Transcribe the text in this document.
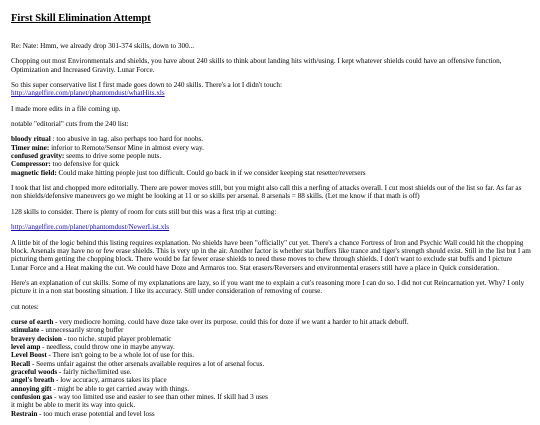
First Skill Elimination Attempt

Re: Nate: Hmm, we already drop 301-374 skills, down to 300...

Chopping out most Environmentals and shields, you have about 240 skills to think about landing hits with/using. I kept whatever shields could have an offensive function, Optimization and Increased Gravity. Lunar Force.

So this super conservative list I first made goes down to 240 skills. There's a lot I didn't touch:
http://angelfire.com/planet/phantomdust/whatHits.xls

I made more edits in a file coming up.

notable "editorial" cuts from the 240 list:

bloody ritual : too abusive in tag. also perhaps too hard for noobs.
Timer mine: inferior to Remote/Sensor Mine in almost every way.
confused gravity: seems to drive some people nuts.
Compressor: too defensive for quick
magnetic field: Could make hitting people just too difficult. Could go back in if we consider keeping stat resetter/reversers

I took that list and chopped more editorially. There are power moves still, but you might also call this a nerfing of attacks overall. I cut most shields out of the list so far. As far as non shields/defensive maneuvers go we might be looking at 11 or so skills per arsenal. 8 arsenals = 88 skills. (Let me know if that math is off)

128 skills to consider. There is plenty of room for cuts still but this was a first trip at cutting:

http://angelfire.com/planet/phantomdust/NewerList.xls

A little bit of the logic behind this listing requires explanation. No shields have been "officially" cut yet. There's a chance Fortress of Iron and Psychic Wall could hit the chopping block. Arsenals may have no or few erase shields. This is very up in the air. Another factor is whether stat buffers like trance and tiger's strength should exist. Still in the list but I am picturing them getting the chopping block. There would be far fewer erase shields to need these moves to chew through shields. I don't want to exclude stat buffs and I picture Lunar Force and a Heat making the cut. We could have Doze and Armaros too. Stat erasers/Reversers and environmental erasers still have a place in Quick consideration.

Here's an explanation of cut skills. Some of my explanations are lazy, so if you want me to explain a cut's reasoning more I can do so. I did not cut Reincarnation yet. Why? I only picture it in a non stat boosting situation. I like its accuracy. Still under consideration of removing of course.

cut notes:

curse of earth - very mediocre homing. could have doze take over its purpose. could this for doze if we want a harder to hit attack debuff.
stimulate - unnecessarily strong buffer
bravery decision - too niche. stupid player problematic
level amp - needless, could throw one in maybe anyway.
Level Boost - There isn't going to be a whole lot of use for this.
Recall - Seems unfair against the other arsenals available requires a lot of arsenal focus.
graceful woods - fairly niche/limited use.
angel's breath - low accuracy, armaros takes its place
annoying gift - might be able to get carried away with things.
confusion gas - way too limited use and easier to see than other mines. If skill had 3 uses
it might be able to merit its way into quick.
Restrain - too much erase potential and level loss
